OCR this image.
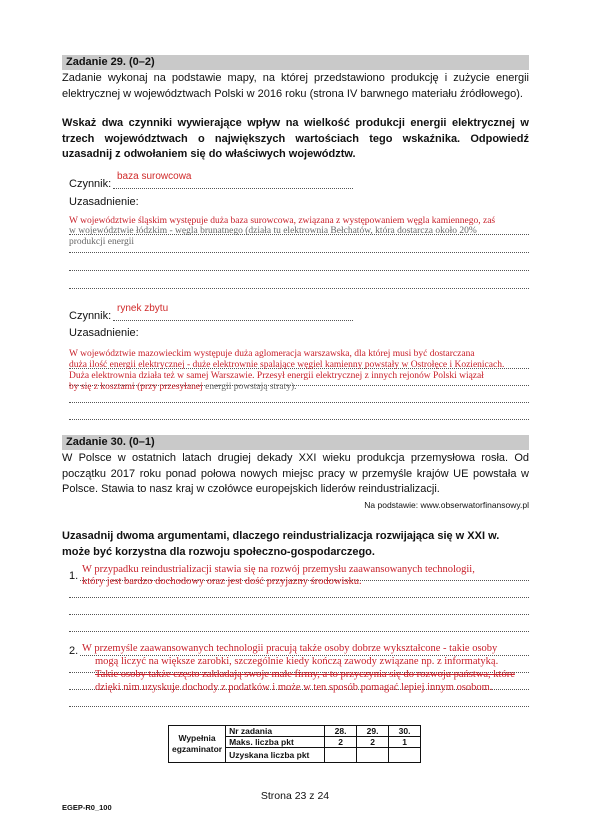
Zadanie 29. (0–2)
Zadanie wykonaj na podstawie mapy, na której przedstawiono produkcję i zużycie energii elektrycznej w województwach Polski w 2016 roku (strona IV barwnego materiału źródłowego).
Wskaż dwa czynniki wywierające wpływ na wielkość produkcji energii elektrycznej w trzech województwach o największych wartościach tego wskaźnika. Odpowiedź uzasadnij z odwołaniem się do właściwych województw.
Czynnik:
baza surowcowa
Uzasadnienie:
W województwie śląskim występuje duża baza surowcowa, związana z występowaniem węgla kamiennego, zaś
w województwie łódzkim - węgla brunatnego (działa tu elektrownia Bełchatów, która dostarcza około 20%
produkcji energii
Czynnik:
rynek zbytu
Uzasadnienie:
W województwie mazowieckim występuje duża aglomeracja warszawska, dla której musi być dostarczana
duża ilość energii elektrycznej - duże elektrownie spalające węgiel kamienny powstały w Ostrołęce i Kozienicach.
Duża elektrownia działa też w samej Warszawie. Przesył energii elektrycznej z innych rejonów Polski wiązał
by się z kosztami (przy przesyłanej energii powstają straty).
Zadanie 30. (0–1)
W Polsce w ostatnich latach drugiej dekady XXI wieku produkcja przemysłowa rosła. Od początku 2017 roku ponad połowa nowych miejsc pracy w przemyśle krajów UE powstała w Polsce. Stawia to nasz kraj w czołówce europejskich liderów reindustrializacji.
Na podstawie: www.obserwatorfinansowy.pl
Uzasadnij dwoma argumentami, dlaczego reindustrializacja rozwijająca się w XXI w. może być korzystna dla rozwoju społeczno-gospodarczego.
1.
W przypadku reindustrializacji stawia się na rozwój przemysłu zaawansowanych technologii,
który jest bardzo dochodowy oraz jest dość przyjazny środowisku.
2. W przemyśle zaawansowanych technologii pracują także osoby dobrze wykształcone - takie osoby
mogą liczyć na większe zarobki, szczególnie kiedy kończą zawody związane np. z informatyką.
Takie osoby także często zakładają swoje małe firmy, a to przyczynia się do rozwoju państwa, które
dzięki nim uzyskuje dochody z podatków i może w ten sposób pomagać lepiej innym osobom.
Wypełnia
egzaminator	Nr zadania	28.	29.	30.
	Maks. liczba pkt	2	2	1
	Uzyskana liczba pkt			
Strona 23 z 24
EGEP-R0_100
